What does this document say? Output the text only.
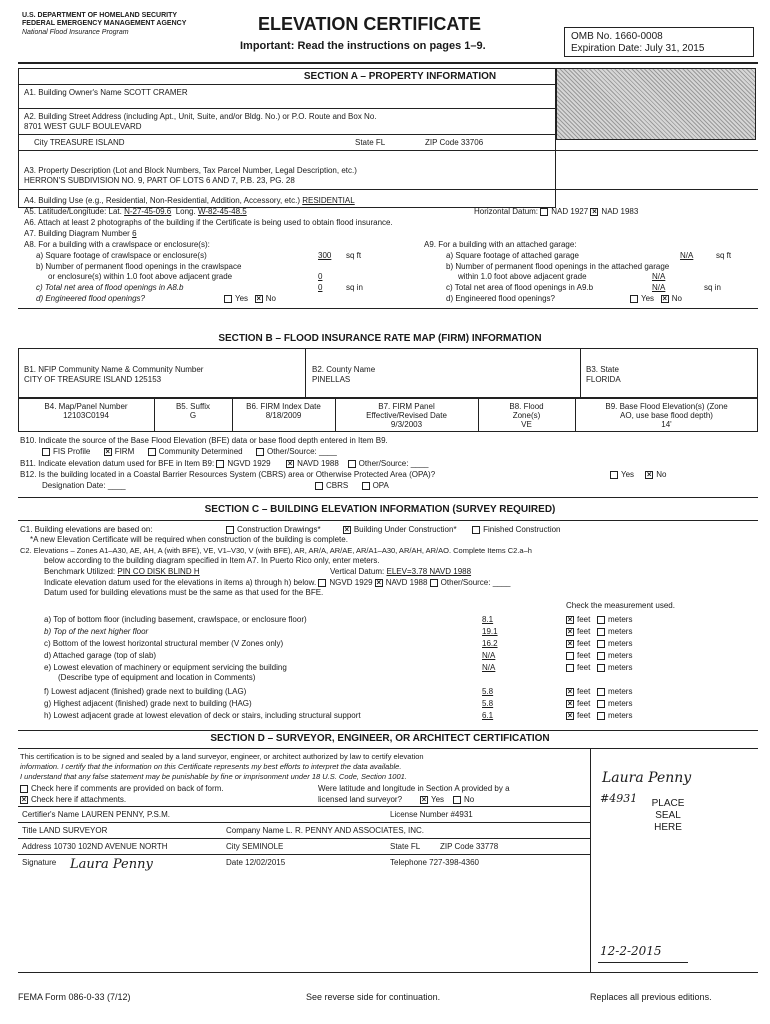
U.S. DEPARTMENT OF HOMELAND SECURITY
FEDERAL EMERGENCY MANAGEMENT AGENCY
National Flood Insurance Program	ELEVATION CERTIFICATE
Important: Read the instructions on pages 1–9.
OMB No. 1660-0008
Expiration Date: July 31, 2015
SECTION A – PROPERTY INFORMATION
A1. Building Owner's Name SCOTT CRAMER
A2. Building Street Address (including Apt., Unit, Suite, and/or Bldg. No.) or P.O. Route and Box No.
8701 WEST GULF BOULEVARD
City TREASURE ISLAND	State FL	ZIP Code 33706
A3. Property Description (Lot and Block Numbers, Tax Parcel Number, Legal Description, etc.)
HERRON'S SUBDIVISION NO. 9, PART OF LOTS 6 AND 7, P.B. 23, PG. 28
A4. Building Use (e.g., Residential, Non-Residential, Addition, Accessory, etc.) RESIDENTIAL
A5. Latitude/Longitude: Lat. N-27-45-09.6 Long. W-82-45-48.5	Horizontal Datum: NAD 1927 × NAD 1983
A6. Attach at least 2 photographs of the building if the Certificate is being used to obtain flood insurance.
A7. Building Diagram Number 6
A8. For a building with a crawlspace or enclosure(s):
a) Square footage of crawlspace or enclosure(s)	300 sq ft
b) Number of permanent flood openings in the crawlspace
or enclosure(s) within 1.0 foot above adjacent grade	0
c) Total net area of flood openings in A8.b	0	sq in
d) Engineered flood openings?	Yes × No
A9. For a building with an attached garage:
a) Square footage of attached garage	N/A	sq ft
b) Number of permanent flood openings in the attached garage
within 1.0 foot above adjacent grade	N/A
c) Total net area of flood openings in A9.b	N/A	sq in
d) Engineered flood openings?	Yes × No
SECTION B – FLOOD INSURANCE RATE MAP (FIRM) INFORMATION
B1. NFIP Community Name & Community Number
CITY OF TREASURE ISLAND 125153
B2. County Name
PINELLAS
B3. State
FLORIDA
B4. Map/Panel Number
12103C0194
B5. Suffix
G
B6. FIRM Index Date
8/18/2009
B7. FIRM Panel
Effective/Revised Date
9/3/2003
B8. Flood
Zone(s)
VE
B9. Base Flood Elevation(s) (Zone
AO, use base flood depth)
14'
B10. Indicate the source of the Base Flood Elevation (BFE) data or base flood depth entered in Item B9.
FIS Profile ×	FIRM	Community Determined	Other/Source: ____
B11. Indicate elevation datum used for BFE in Item B9: NGVD 1929 ×	NAVD 1988 Other/Source: ____
B12. Is the building located in a Coastal Barrier Resources System (CBRS) area or Otherwise Protected Area (OPA)?	Yes ×	No
Designation Date: ____	CBRS	OPA
SECTION C – BUILDING ELEVATION INFORMATION (SURVEY REQUIRED)
C1. Building elevations are based on:	Construction Drawings* ×	Building Under Construction*	Finished Construction
*A new Elevation Certificate will be required when construction of the building is complete.
C2. Elevations – Zones A1–A30, AE, AH, A (with BFE), VE, V1–V30, V (with BFE), AR, AR/A, AR/AE, AR/A1–A30, AR/AH, AR/AO. Complete Items C2.a–h
below according to the building diagram specified in Item A7. In Puerto Rico only, enter meters.
Benchmark Utilized: PIN CO DISK BLIND H	Vertical Datum: ELEV=3.78 NAVD 1988
Indicate elevation datum used for the elevations in items a) through h) below. NGVD 1929 × NAVD 1988 Other/Source: ____
Datum used for building elevations must be the same as that used for the BFE.
Check the measurement used.
a) Top of bottom floor (including basement, crawlspace, or enclosure floor)	8.1 ×	feet meters
b) Top of the next higher floor	19.1 ×	feet meters
c) Bottom of the lowest horizontal structural member (V Zones only)	16.2 ×	feet meters
d) Attached garage (top of slab)	N/A	feet meters
e) Lowest elevation of machinery or equipment servicing the building
(Describe type of equipment and location in Comments)
N/A	feet meters
f) Lowest adjacent (finished) grade next to building (LAG)	5.8 ×	feet meters
g) Highest adjacent (finished) grade next to building (HAG)	5.8 ×	feet meters
h) Lowest adjacent grade at lowest elevation of deck or stairs, including structural support	6.1 ×	feet meters
SECTION D – SURVEYOR, ENGINEER, OR ARCHITECT CERTIFICATION
This certification is to be signed and sealed by a land surveyor, engineer, or architect authorized by law to certify elevation
information. I certify that the information on this Certificate represents my best efforts to interpret the data available.
I understand that any false statement may be punishable by fine or imprisonment under 18 U.S. Code, Section 1001.
Check here if comments are provided on back of form.
×Check here if attachments.
Were latitude and longitude in Section A provided by a
licensed land surveyor? ×	Yes No
Laura Penny
#4931	PLACE
SEAL
HERE
12-2-2015
Certifier's Name LAUREN PENNY, P.S.M.	License Number #4931
Title LAND SURVEYOR	Company Name L. R. PENNY AND ASSOCIATES, INC.
Address 10730 102ND AVENUE NORTH	City SEMINOLE	State FL ZIP Code 33778
Signature Laura Penny	Date 12/02/2015	Telephone 727-398-4360
FEMA Form 086-0-33 (7/12)	See reverse side for continuation.	Replaces all previous editions.
